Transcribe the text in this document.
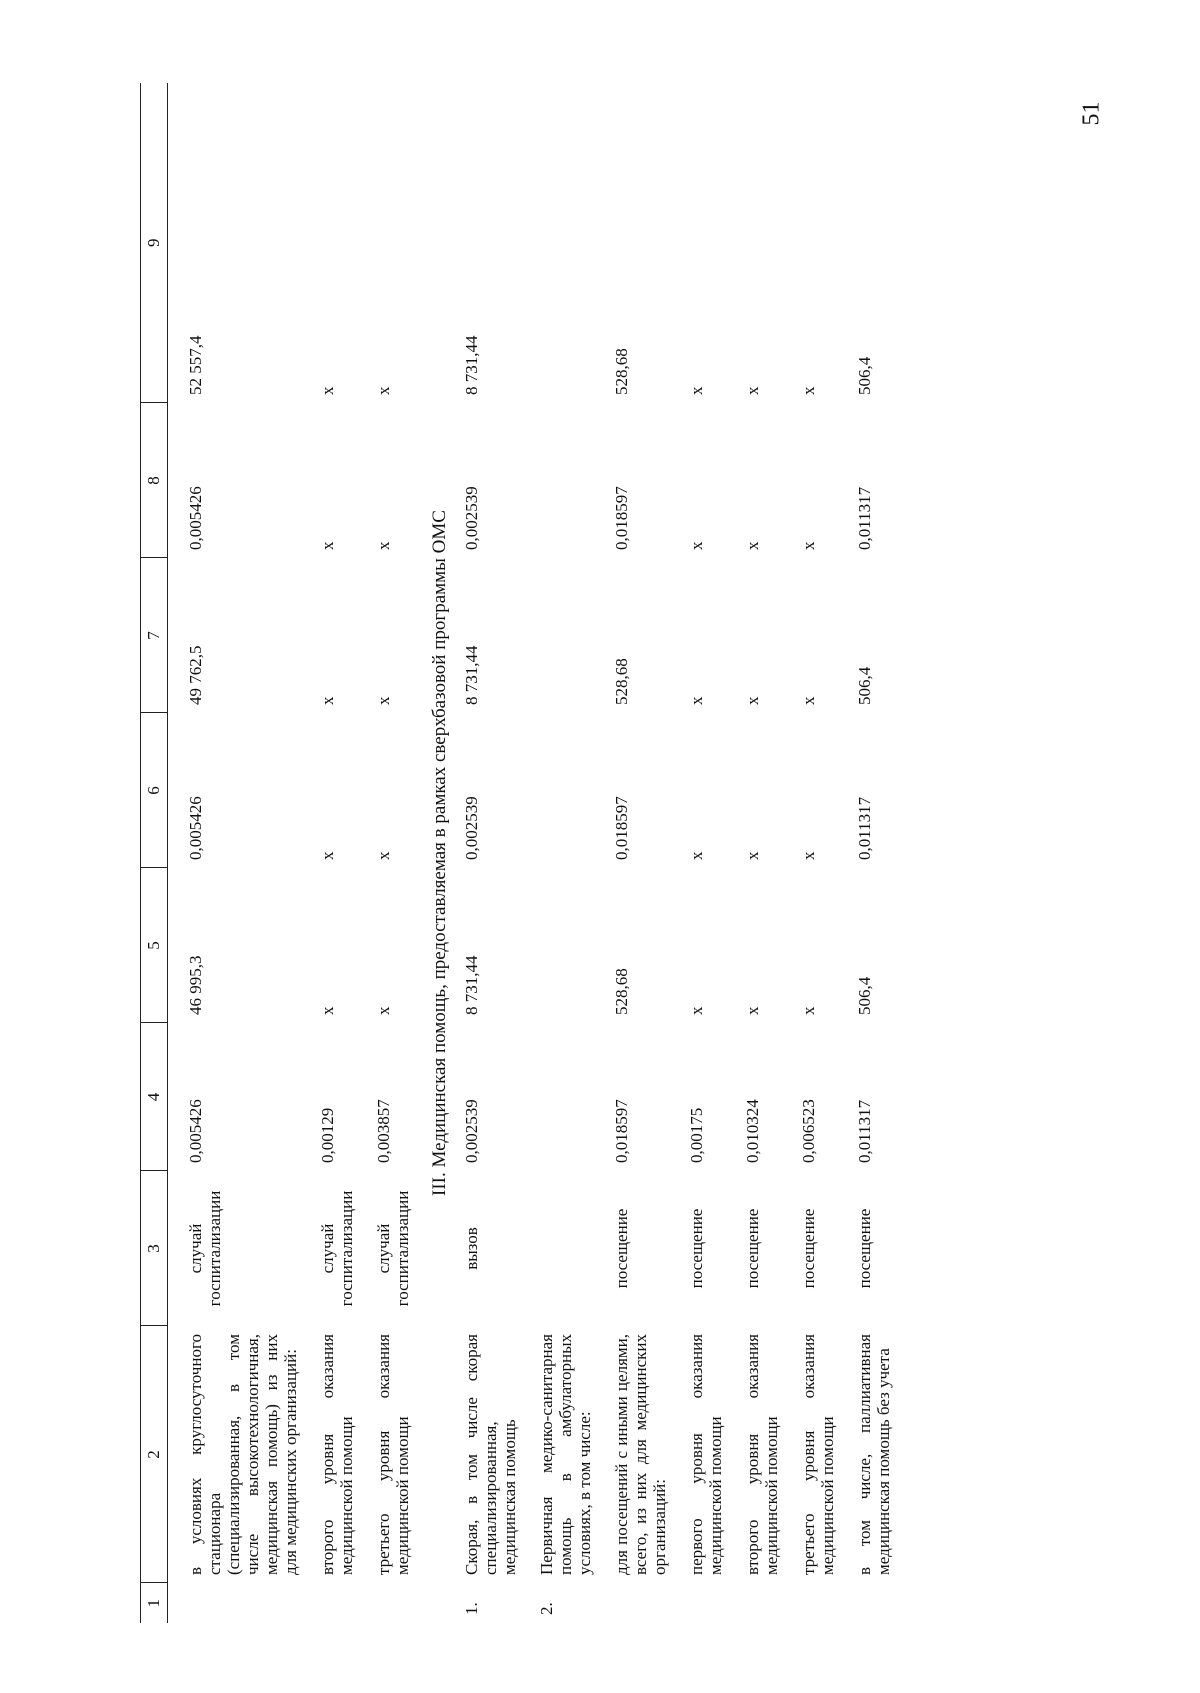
51
1	2	3	4	5	6	7	8	9
	в условиях круглосуточного стационара (специализированная, в том числе высокотехнологичная, медицинская помощь) из них для медицинских организаций:	случай госпитализации	0,005426	46 995,3	0,005426	49 762,5	0,005426	52 557,4
	второго уровня оказания медицинской помощи	случай госпитализации	0,00129	х	х	х	х	х
	третьего уровня оказания медицинской помощи	случай госпитализации	0,003857	х	х	х	х	х
III. Медицинская помощь, предоставляемая в рамках сверхбазовой программы ОМС								
1.	Скорая, в том числе скорая специализированная, медицинская помощь	вызов	0,002539	8 731,44	0,002539	8 731,44	0,002539	8 731,44
2.	Первичная медико-санитарная помощь в амбулаторных условиях, в том числе:							
	для посещений с иными целями, всего, из них для медицинских организаций:	посещение	0,018597	528,68	0,018597	528,68	0,018597	528,68
	первого уровня оказания медицинской помощи	посещение	0,00175	х	х	х	х	х
	второго уровня оказания медицинской помощи	посещение	0,010324	х	х	х	х	х
	третьего уровня оказания медицинской помощи	посещение	0,006523	х	х	х	х	х
	в том числе, паллиативная медицинская помощь без учета	посещение	0,011317	506,4	0,011317	506,4	0,011317	506,4
